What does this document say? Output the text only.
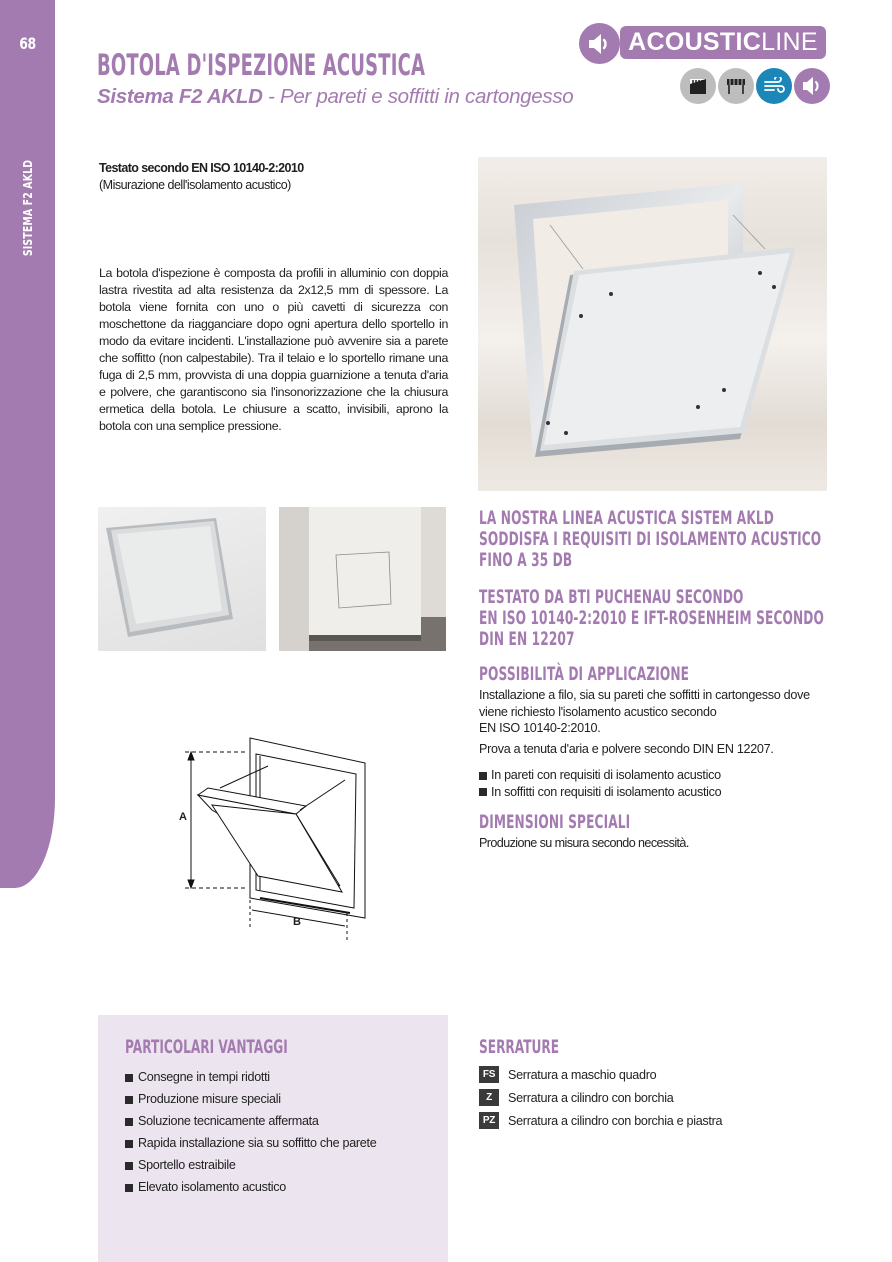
68
SISTEMA F2 AKLD
BOTOLA D'ISPEZIONE ACUSTICA
Sistema F2 AKLD - Per pareti e soffitti in cartongesso
ACOUSTIC LINE
Testato secondo EN ISO 10140-2:2010
(Misurazione dell'isolamento acustico)
La botola d'ispezione è composta da profili in alluminio con doppia lastra rivestita ad alta resistenza da 2x12,5 mm di spessore. La botola viene fornita con uno o più cavetti di sicurezza con moschettone da riagganciare dopo ogni apertura dello sportello in modo da evitare incidenti. L'installazione può avvenire sia a parete che soffitto (non calpestabile). Tra il telaio e lo sportello rimane una fuga di 2,5 mm, provvista di una doppia guarnizione a tenuta d'aria e polvere, che garantiscono sia l'insonorizzazione che la chiusura ermetica della botola. Le chiusure a scatto, invisibili, aprono la botola con una semplice pressione.
A
B
LA NOSTRA LINEA ACUSTICA SISTEM AKLD
SODDISFA I REQUISITI DI ISOLAMENTO ACUSTICO
FINO A 35 DB
TESTATO DA BTI PUCHENAU SECONDO
EN ISO 10140-2:2010 E IFT-ROSENHEIM SECONDO
DIN EN 12207
POSSIBILITÀ DI APPLICAZIONE
Installazione a filo, sia su pareti che soffitti in cartongesso dove
viene richiesto l'isolamento acustico secondo
EN ISO 10140-2:2010.
Prova a tenuta d'aria e polvere secondo DIN EN 12207.
In pareti con requisiti di isolamento acustico
In soffitti con requisiti di isolamento acustico
DIMENSIONI SPECIALI
Produzione su misura secondo necessità.
PARTICOLARI VANTAGGI
Consegne in tempi ridotti
Produzione misure speciali
Soluzione tecnicamente affermata
Rapida installazione sia su soffitto che parete
Sportello estraibile
Elevato isolamento acustico
SERRATURE
FS	Serratura a maschio quadro
Z	Serratura a cilindro con borchia
PZ	Serratura a cilindro con borchia e piastra
